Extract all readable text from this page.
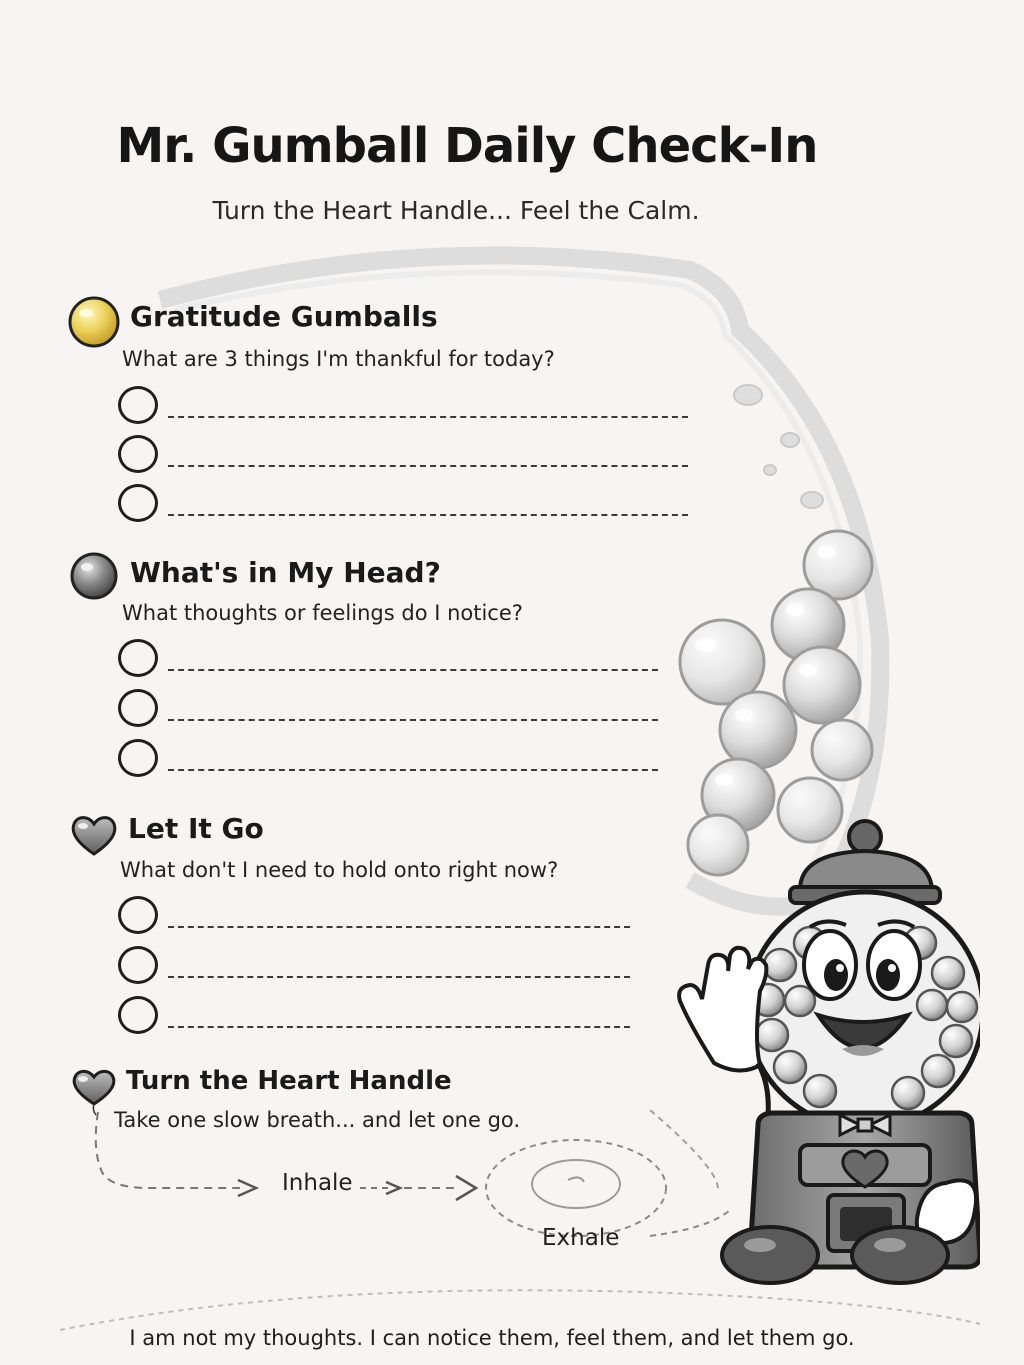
Mr. Gumball Daily Check-In
Turn the Heart Handle... Feel the Calm.
Gratitude Gumballs
What are 3 things I'm thankful for today?
What's in My Head?
What thoughts or feelings do I notice?
Let It Go
What don't I need to hold onto right now?
Turn the Heart Handle
Take one slow breath... and let one go.
Inhale
Exhale
I am not my thoughts. I can notice them, feel them, and let them go.
